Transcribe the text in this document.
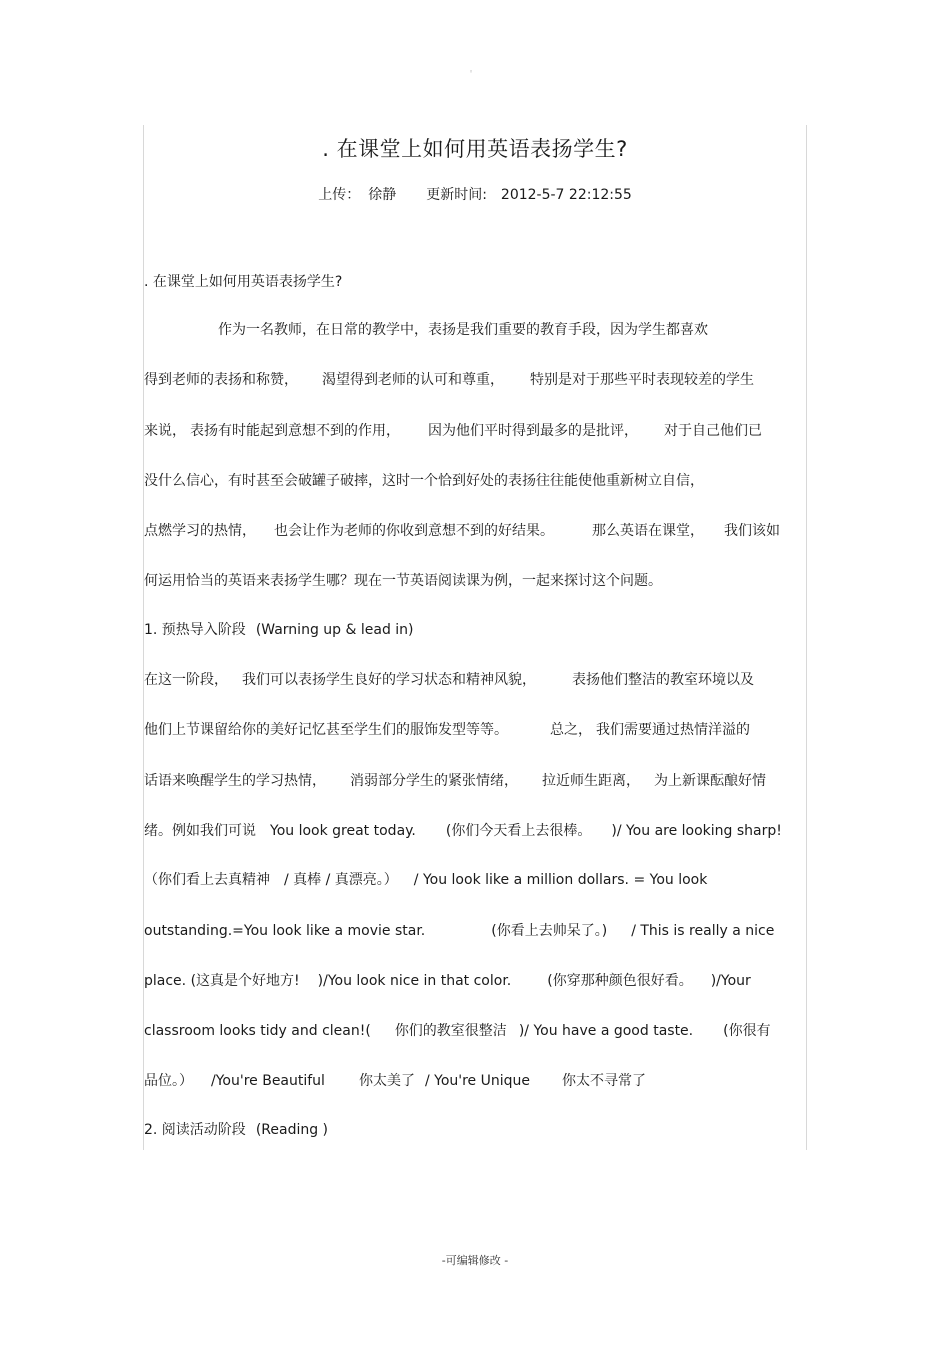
◦
. 在课堂上如何用英语表扬学生?
上传： 徐静 更新时间: 2012-5-7 22:12:55
. 在课堂上如何用英语表扬学生?
作为一名教师，在日常的教学中，表扬是我们重要的教育手段，因为学生都喜欢
得到老师的表扬和称赞， 渴望得到老师的认可和尊重， 特别是对于那些平时表现较差的学生
来说， 表扬有时能起到意想不到的作用， 因为他们平时得到最多的是批评， 对于自己他们已
没什么信心，有时甚至会破罐子破摔，这时一个恰到好处的表扬往往能使他重新树立自信，
点燃学习的热情， 也会让作为老师的你收到意想不到的好结果。	那么英语在课堂， 我们该如
何运用恰当的英语来表扬学生哪？现在一节英语阅读课为例，一起来探讨这个问题。
1. 预热导入阶段 (Warning up & lead in)
在这一阶段， 我们可以表扬学生良好的学习状态和精神风貌，	表扬他们整洁的教室环境以及
他们上节课留给你的美好记忆甚至学生们的服饰发型等等。	总之， 我们需要通过热情洋溢的
话语来唤醒学生的学习热情， 消弱部分学生的紧张情绪， 拉近师生距离， 为上新课酝酿好情
绪。例如我们可说 You look great today. (你们今天看上去很棒。 )/ You are looking sharp!
（你们看上去真精神 / 真棒 / 真漂亮。） / You look like a million dollars. = You look
outstanding.=You look like a movie star.	(你看上去帅呆了。) / This is really a nice
place. (这真是个好地方! )/You look nice in that color.	(你穿那种颜色很好看。 )/Your
classroom looks tidy and clean!( 你们的教室很整洁 )/ You have a good taste. (你很有
品位。） /You're Beautiful 你太美了 / You're Unique 你太不寻常了
2. 阅读活动阶段 (Reading )
-可编辑修改 -
